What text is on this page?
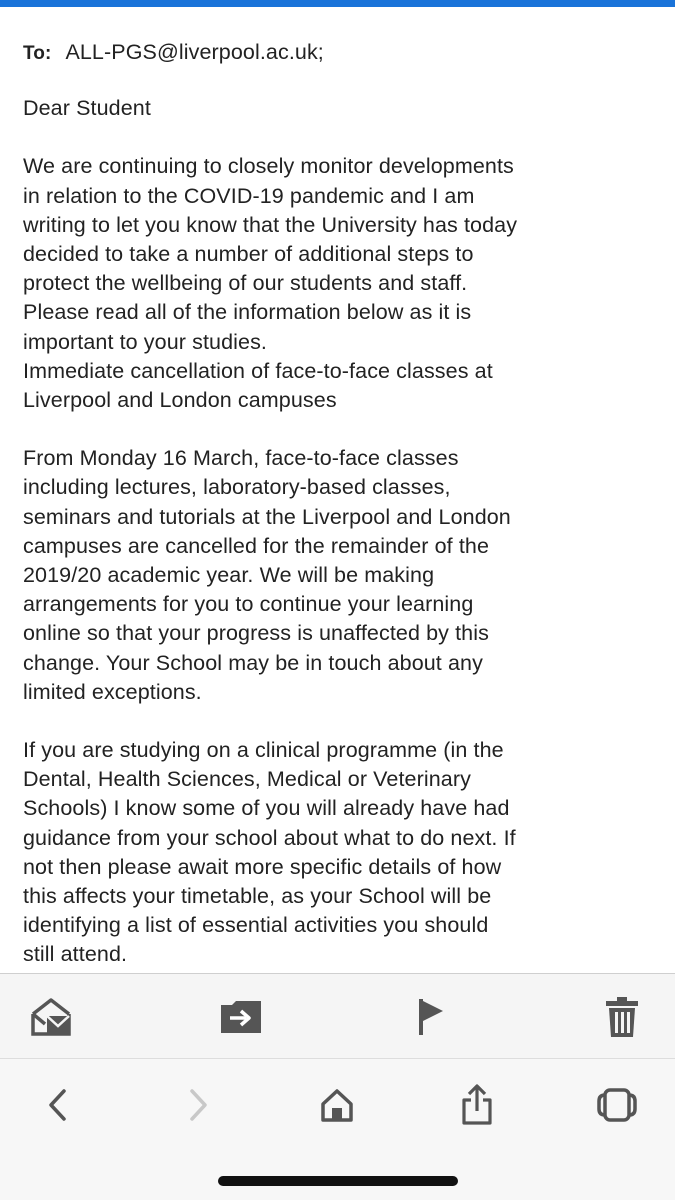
To: ALL-PGS@liverpool.ac.uk;
Dear Student
We are continuing to closely monitor developments
in relation to the COVID-19 pandemic and I am
writing to let you know that the University has today
decided to take a number of additional steps to
protect the wellbeing of our students and staff.
Please read all of the information below as it is
important to your studies.
Immediate cancellation of face-to-face classes at
Liverpool and London campuses
From Monday 16 March, face-to-face classes
including lectures, laboratory-based classes,
seminars and tutorials at the Liverpool and London
campuses are cancelled for the remainder of the
2019/20 academic year. We will be making
arrangements for you to continue your learning
online so that your progress is unaffected by this
change. Your School may be in touch about any
limited exceptions.
If you are studying on a clinical programme (in the
Dental, Health Sciences, Medical or Veterinary
Schools) I know some of you will already have had
guidance from your school about what to do next. If
not then please await more specific details of how
this affects your timetable, as your School will be
identifying a list of essential activities you should
still attend.
